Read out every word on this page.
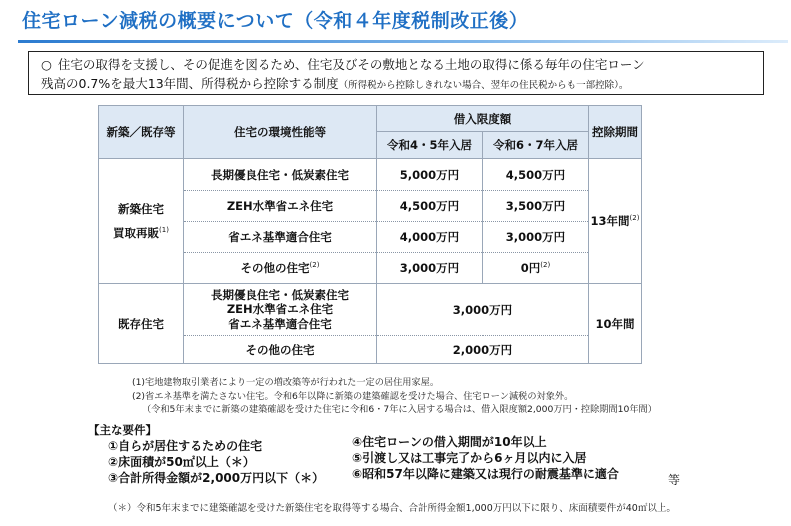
住宅ローン減税の概要について（令和４年度税制改正後）
○ 住宅の取得を支援し、その促進を図るため、住宅及びその敷地となる土地の取得に係る毎年の住宅ローン
残高の0.7%を最大13年間、所得税から控除する制度（所得税から控除しきれない場合、翌年の住民税からも一部控除）。
新築／既存等	住宅の環境性能等	借入限度額		控除期間
		令和4・5年入居	令和6・7年入居	

新築住宅
買取再販$^{(1)}$	長期優良住宅・低炭素住宅	5,000万円	4,500万円	13年間$^{(2)}$
	ZEH水準省エネ住宅	4,500万円	3,500万円	
	省エネ基準適合住宅	4,000万円	3,000万円	
	その他の住宅$^{(2)}$	3,000万円	0円$^{(2)}$
既存住宅	長期優良住宅・低炭素住宅
ZEH水準省エネ住宅
省エネ基準適合住宅	3,000万円		10年間
	その他の住宅	2,000万円		
(1)宅地建物取引業者により一定の増改築等が行われた一定の居住用家屋。
(2)省エネ基準を満たさない住宅。令和6年以降に新築の建築確認を受けた場合、住宅ローン減税の対象外。
（令和5年末までに新築の建築確認を受けた住宅に令和6・7年に入居する場合は、借入限度額2,000万円・控除期間10年間）
【主な要件】
①自らが居住するための住宅
②床面積が50㎡以上（＊）
③合計所得金額が2,000万円以下（＊）
④住宅ローンの借入期間が10年以上
⑤引渡し又は工事完了から6ヶ月以内に入居
⑥昭和57年以降に建築又は現行の耐震基準に適合	等
（＊）令和5年末までに建築確認を受けた新築住宅を取得等する場合、合計所得金額1,000万円以下に限り、床面積要件が40㎡以上。
